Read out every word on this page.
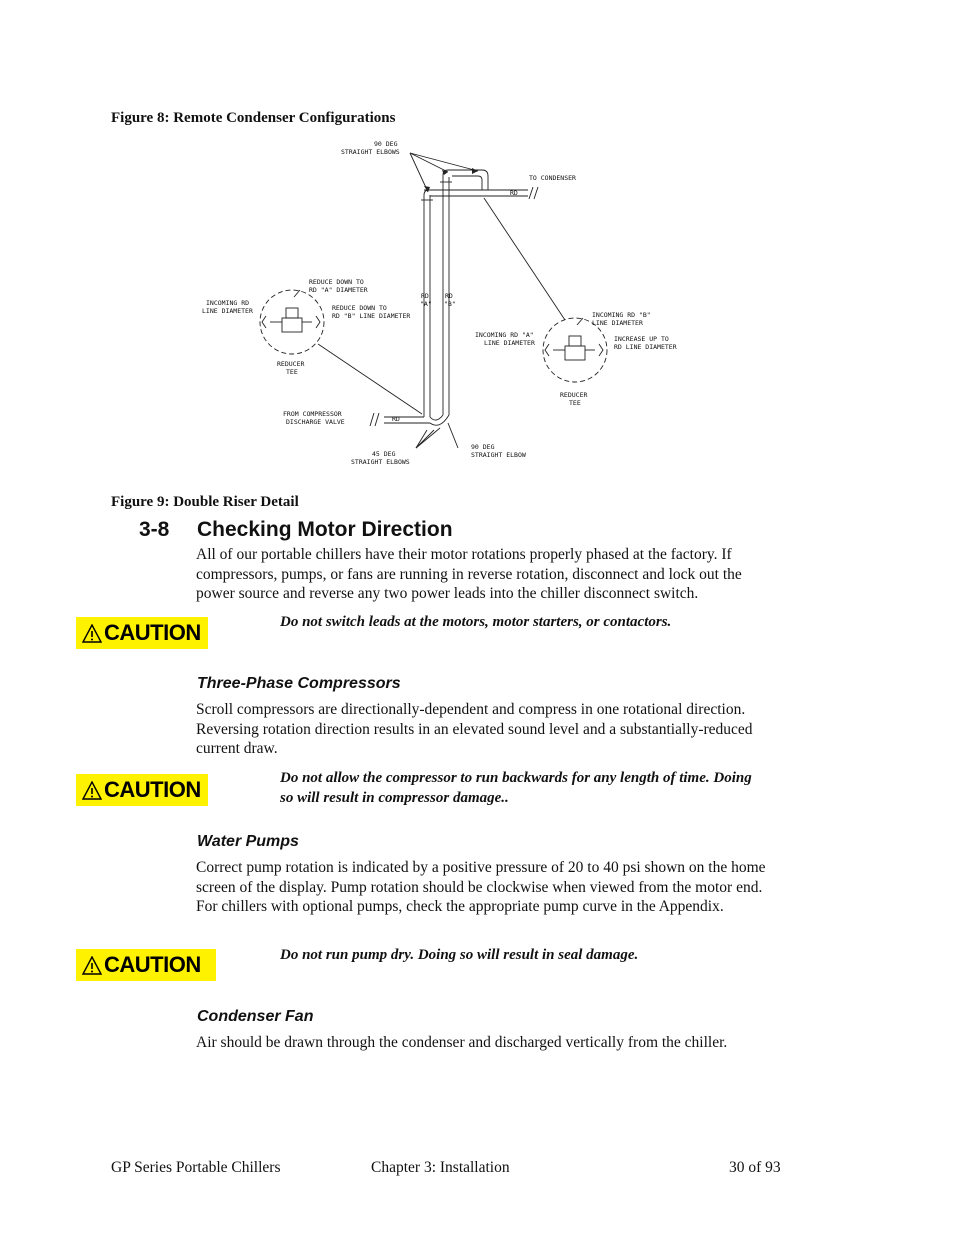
Figure 8: Remote Condenser Configurations
90 DEG
STRAIGHT ELBOWS
TO CONDENSER
RD
REDUCE DOWN TO
RD "A" DIAMETER
INCOMING RD
LINE DIAMETER	REDUCE DOWN TO
RD "B" LINE DIAMETER
RD
"A"
RD
"B"
INCOMING RD "B"
LINE DIAMETER
INCOMING RD "A"
LINE DIAMETER	INCREASE UP TO
RD LINE DIAMETER
REDUCER
TEE
REDUCER
TEE
FROM COMPRESSOR
DISCHARGE VALVE	RD
45 DEG
STRAIGHT ELBOWS
90 DEG
STRAIGHT ELBOW
Figure 9: Double Riser Detail
3-8 Checking Motor Direction
All of our portable chillers have their motor rotations properly phased at the factory. If
compressors, pumps, or fans are running in reverse rotation, disconnect and lock out the
power source and reverse any two power leads into the chiller disconnect switch.
CAUTION	Do not switch leads at the motors, motor starters, or contactors.
Three-Phase Compressors
Scroll compressors are directionally-dependent and compress in one rotational direction.
Reversing rotation direction results in an elevated sound level and a substantially-reduced
current draw.
CAUTION	Do not allow the compressor to run backwards for any length of time. Doing
so will result in compressor damage..
Water Pumps
Correct pump rotation is indicated by a positive pressure of 20 to 40 psi shown on the home
screen of the display. Pump rotation should be clockwise when viewed from the motor end.
For chillers with optional pumps, check the appropriate pump curve in the Appendix.
CAUTION	Do not run pump dry. Doing so will result in seal damage.
Condenser Fan
Air should be drawn through the condenser and discharged vertically from the chiller.
GP Series Portable Chillers	Chapter 3: Installation	30 of 93
